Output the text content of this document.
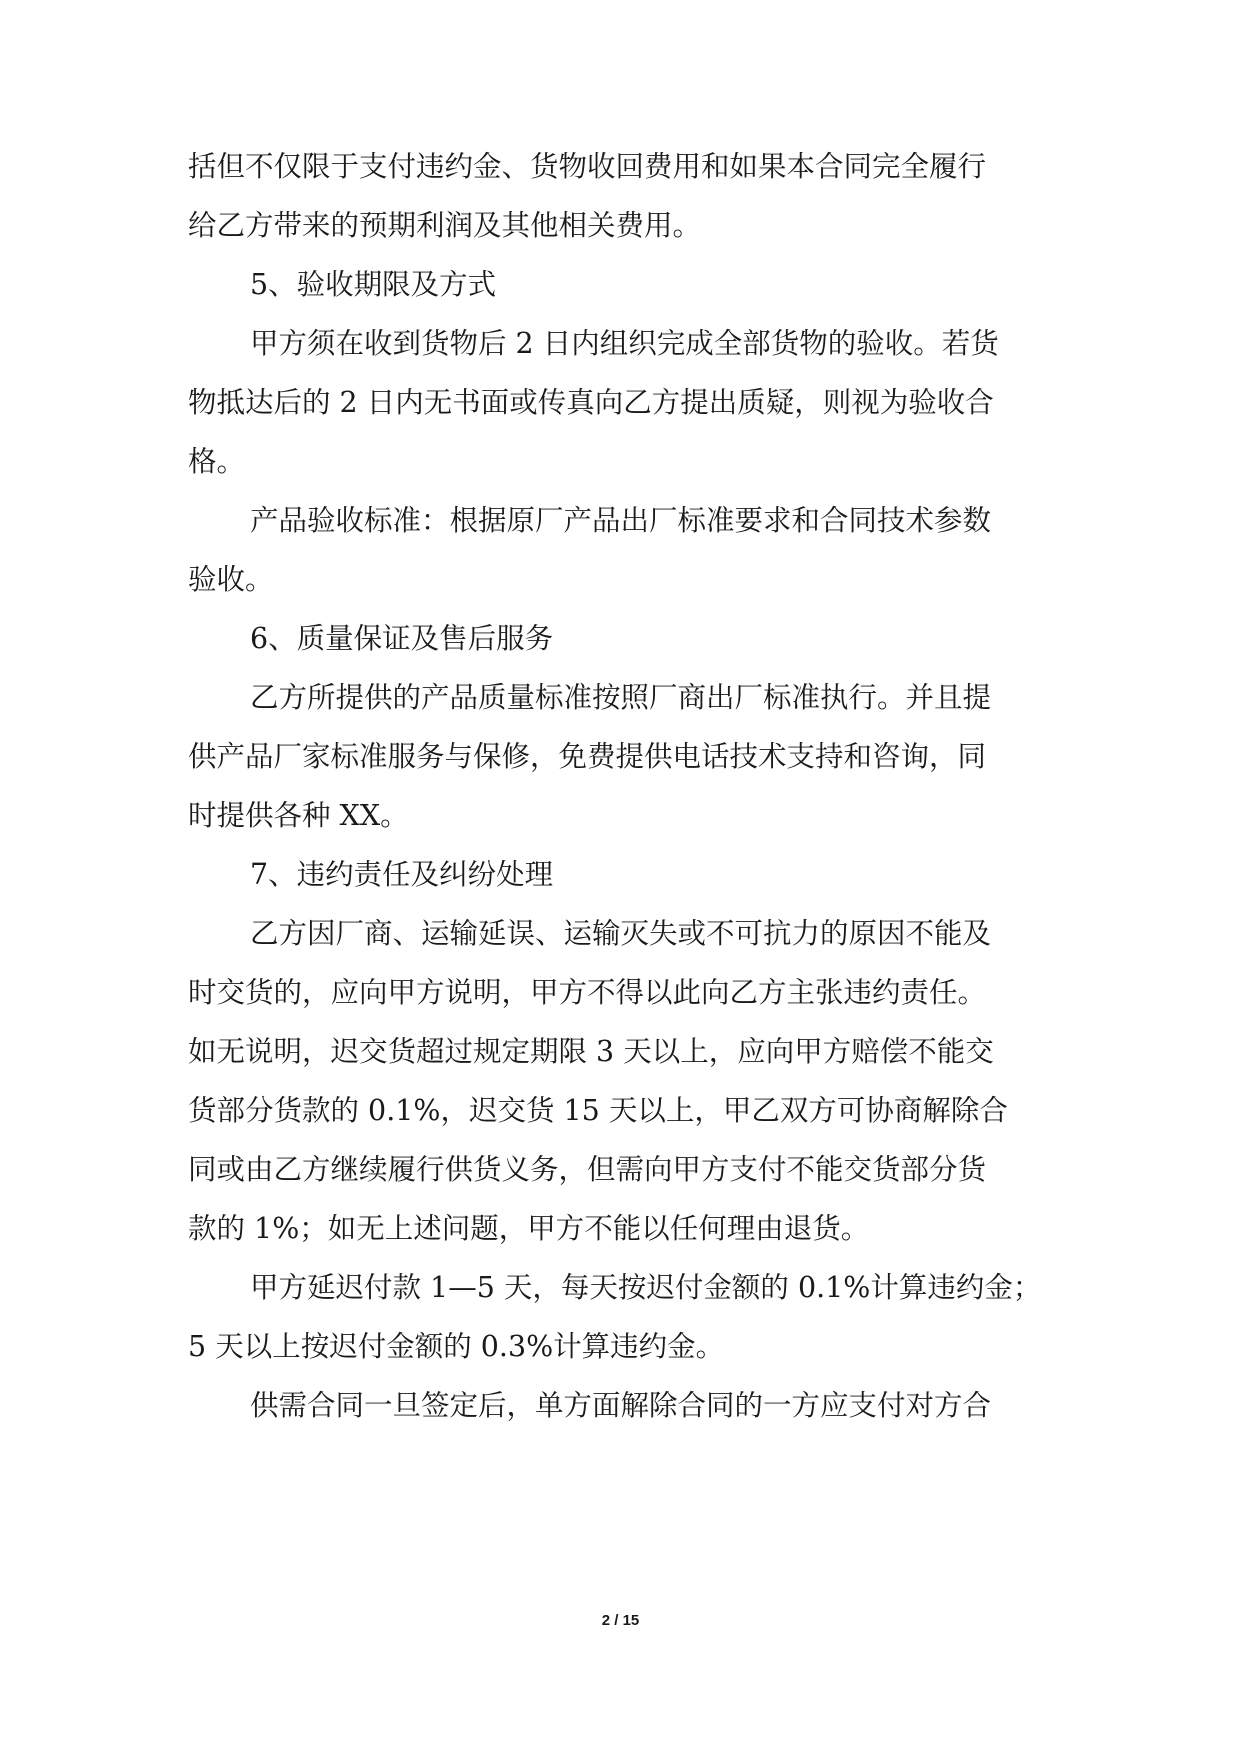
括但不仅限于支付违约金、货物收回费用和如果本合同完全履行
给乙方带来的预期利润及其他相关费用。
5、验收期限及方式
甲方须在收到货物后 2 日内组织完成全部货物的验收。若货
物抵达后的 2 日内无书面或传真向乙方提出质疑，则视为验收合
格。
产品验收标准：根据原厂产品出厂标准要求和合同技术参数
验收。
6、质量保证及售后服务
乙方所提供的产品质量标准按照厂商出厂标准执行。并且提
供产品厂家标准服务与保修，免费提供电话技术支持和咨询，同
时提供各种 XX。
7、违约责任及纠纷处理
乙方因厂商、运输延误、运输灭失或不可抗力的原因不能及
时交货的，应向甲方说明，甲方不得以此向乙方主张违约责任。
如无说明，迟交货超过规定期限 3 天以上，应向甲方赔偿不能交
货部分货款的 0.1%，迟交货 15 天以上，甲乙双方可协商解除合
同或由乙方继续履行供货义务，但需向甲方支付不能交货部分货
款的 1%；如无上述问题，甲方不能以任何理由退货。
甲方延迟付款 1—5 天，每天按迟付金额的 0.1%计算违约金；
5 天以上按迟付金额的 0.3%计算违约金。
供需合同一旦签定后，单方面解除合同的一方应支付对方合
2 / 15
